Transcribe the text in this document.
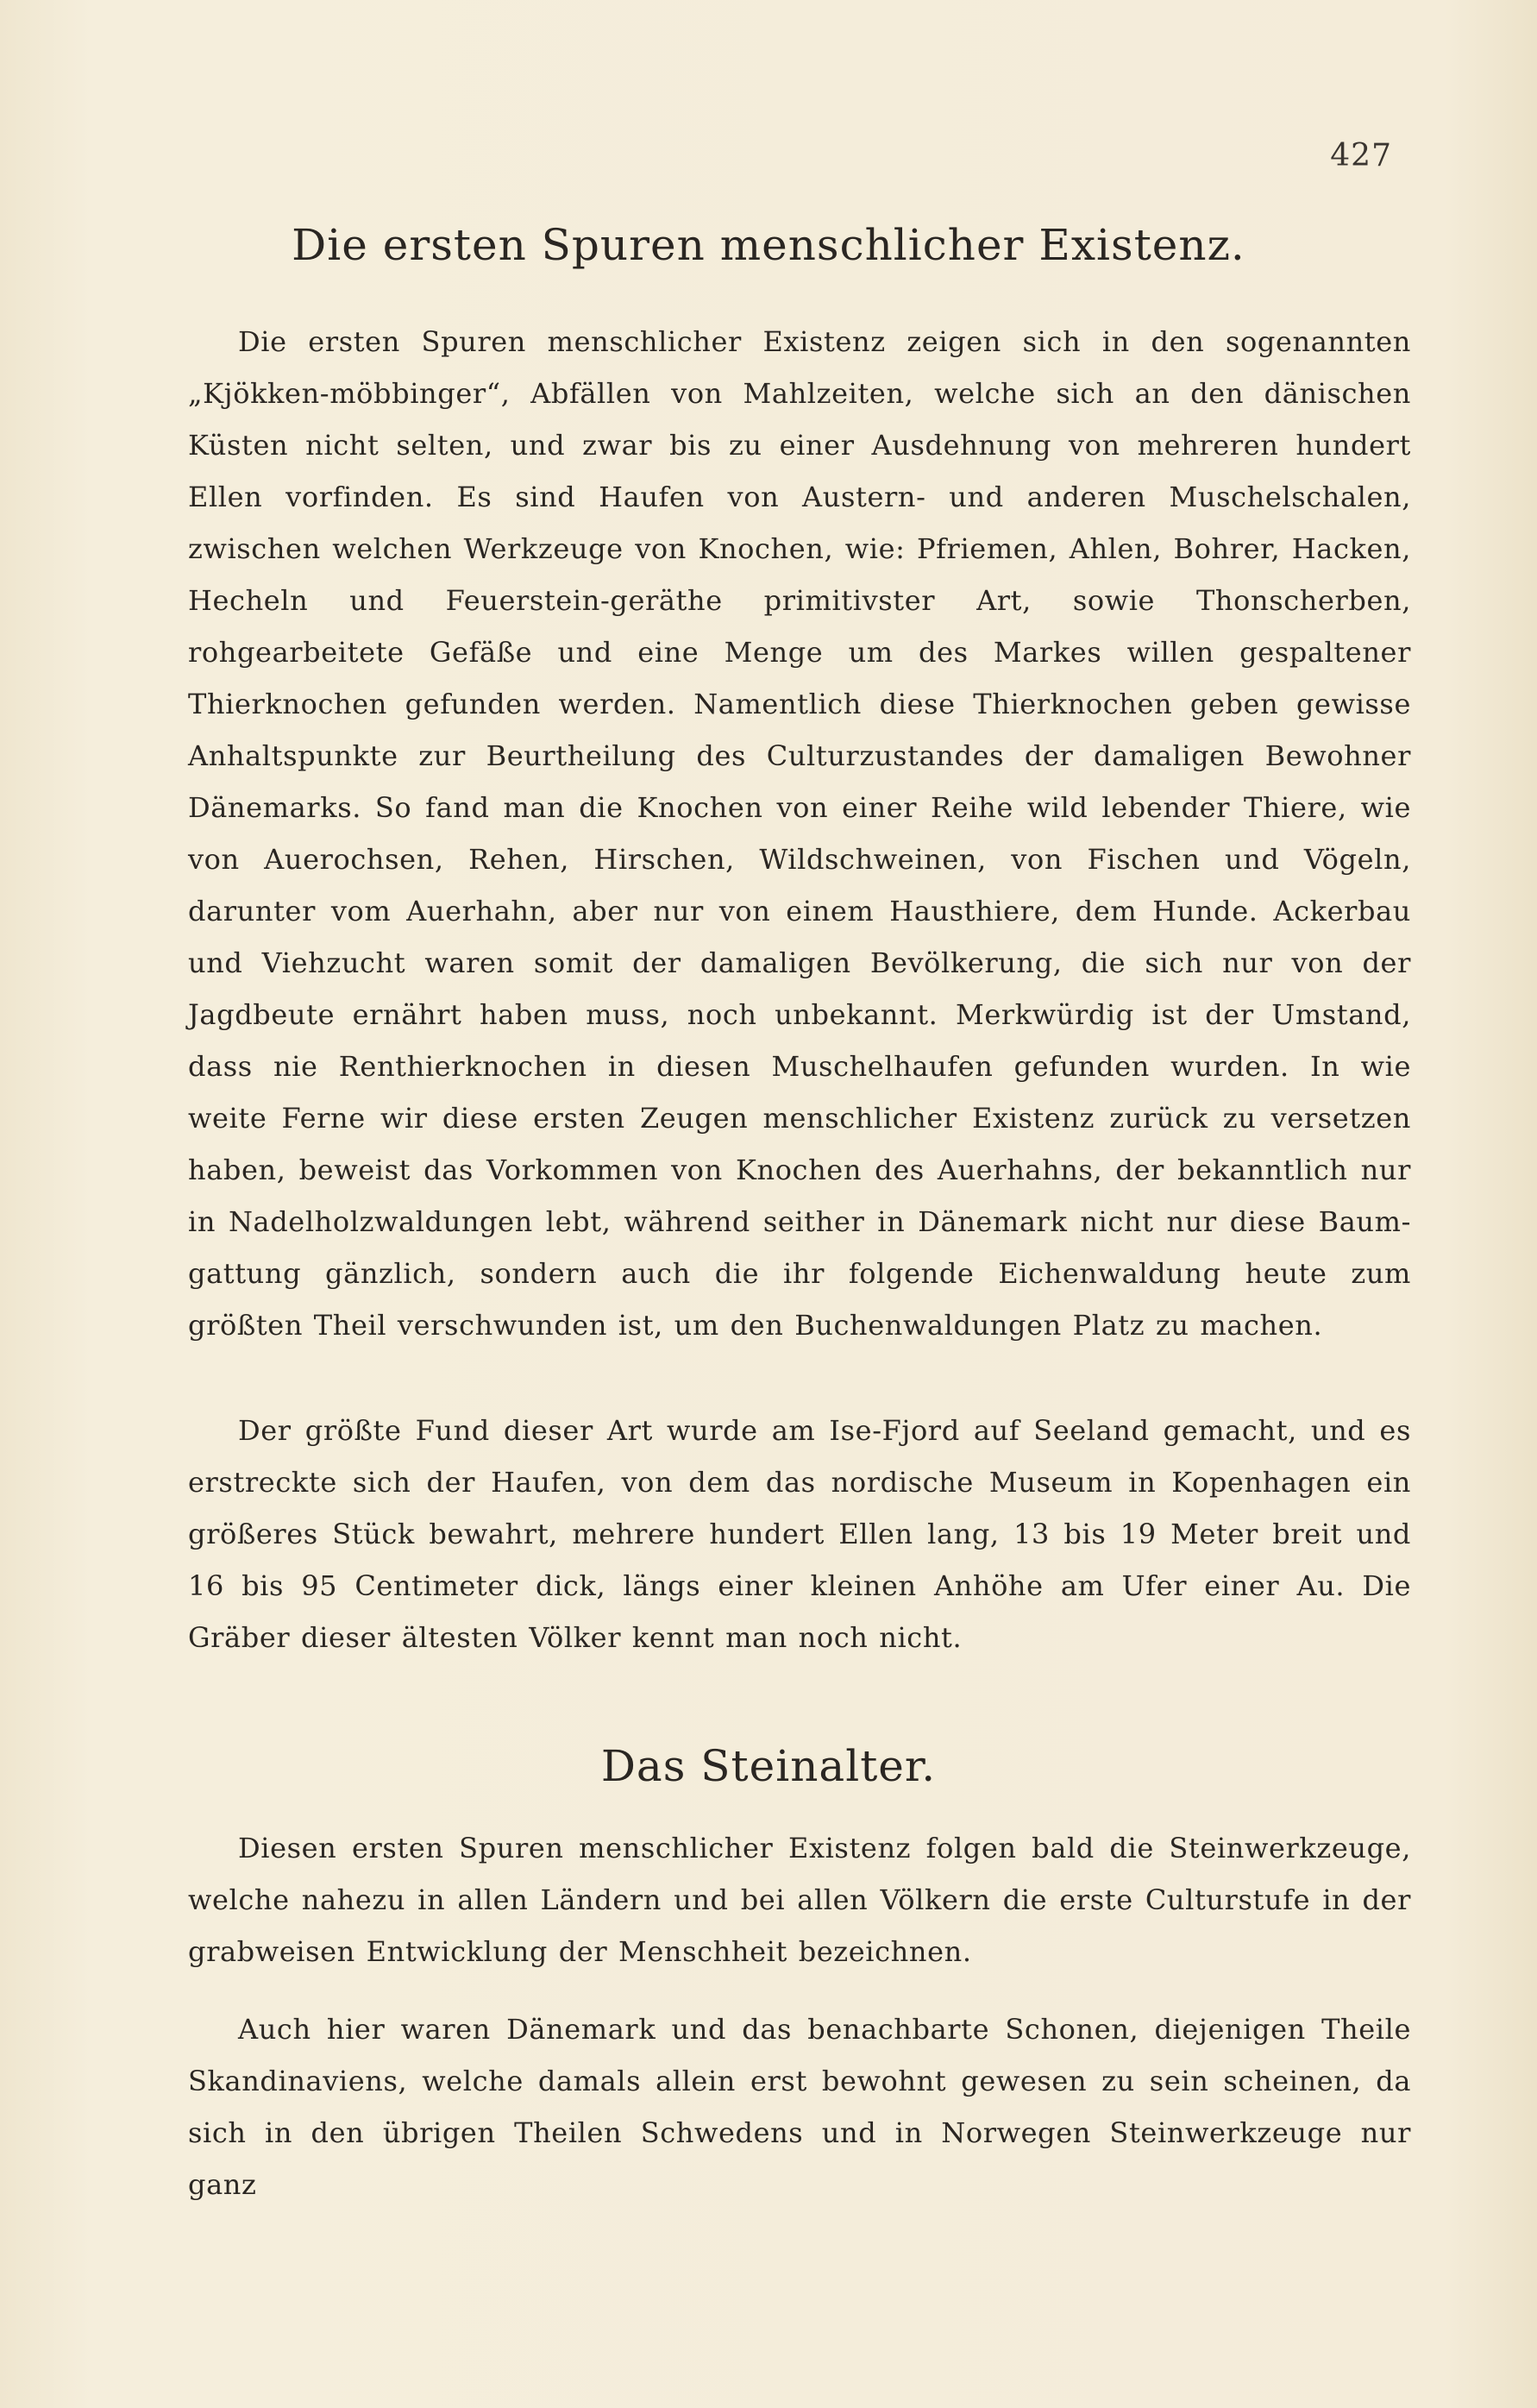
427
Die ersten Spuren menschlicher Existenz.

Die ersten Spuren menschlicher Existenz zeigen sich in den sogenannten „Kjökken-möbbinger“, Abfällen von Mahlzeiten, welche sich an den dänischen Küsten nicht selten, und zwar bis zu einer Ausdehnung von mehreren hundert Ellen vorfinden. Es sind Haufen von Austern- und anderen Muschelschalen, zwischen welchen Werkzeuge von Knochen, wie: Pfriemen, Ahlen, Bohrer, Hacken, Hecheln und Feuerstein-geräthe primitivster Art, sowie Thonscherben, rohgearbeitete Gefäße und eine Menge um des Markes willen gespaltener Thierknochen gefunden werden. Namentlich diese Thierknochen geben gewisse Anhaltspunkte zur Beurtheilung des Culturzustandes der damaligen Bewohner Dänemarks. So fand man die Knochen von einer Reihe wild lebender Thiere, wie von Auerochsen, Rehen, Hirschen, Wildschweinen, von Fischen und Vögeln, darunter vom Auerhahn, aber nur von einem Hausthiere, dem Hunde. Ackerbau und Viehzucht waren somit der damaligen Bevölkerung, die sich nur von der Jagdbeute ernährt haben muss, noch unbekannt. Merkwürdig ist der Umstand, dass nie Renthierknochen in diesen Muschelhaufen gefunden wurden. In wie weite Ferne wir diese ersten Zeugen menschlicher Existenz zurück zu versetzen haben, beweist das Vorkommen von Knochen des Auerhahns, der bekanntlich nur in Nadelholzwaldungen lebt, während seither in Dänemark nicht nur diese Baum-gattung gänzlich, sondern auch die ihr folgende Eichenwaldung heute zum größten Theil verschwunden ist, um den Buchenwaldungen Platz zu machen.

Der größte Fund dieser Art wurde am Ise-Fjord auf Seeland gemacht, und es erstreckte sich der Haufen, von dem das nordische Museum in Kopenhagen ein größeres Stück bewahrt, mehrere hundert Ellen lang, 13 bis 19 Meter breit und 16 bis 95 Centimeter dick, längs einer kleinen Anhöhe am Ufer einer Au. Die Gräber dieser ältesten Völker kennt man noch nicht.

Das Steinalter.

Diesen ersten Spuren menschlicher Existenz folgen bald die Steinwerkzeuge, welche nahezu in allen Ländern und bei allen Völkern die erste Culturstufe in der grabweisen Entwicklung der Menschheit bezeichnen.

Auch hier waren Dänemark und das benachbarte Schonen, diejenigen Theile Skandinaviens, welche damals allein erst bewohnt gewesen zu sein scheinen, da sich in den übrigen Theilen Schwedens und in Norwegen Steinwerkzeuge nur ganz
